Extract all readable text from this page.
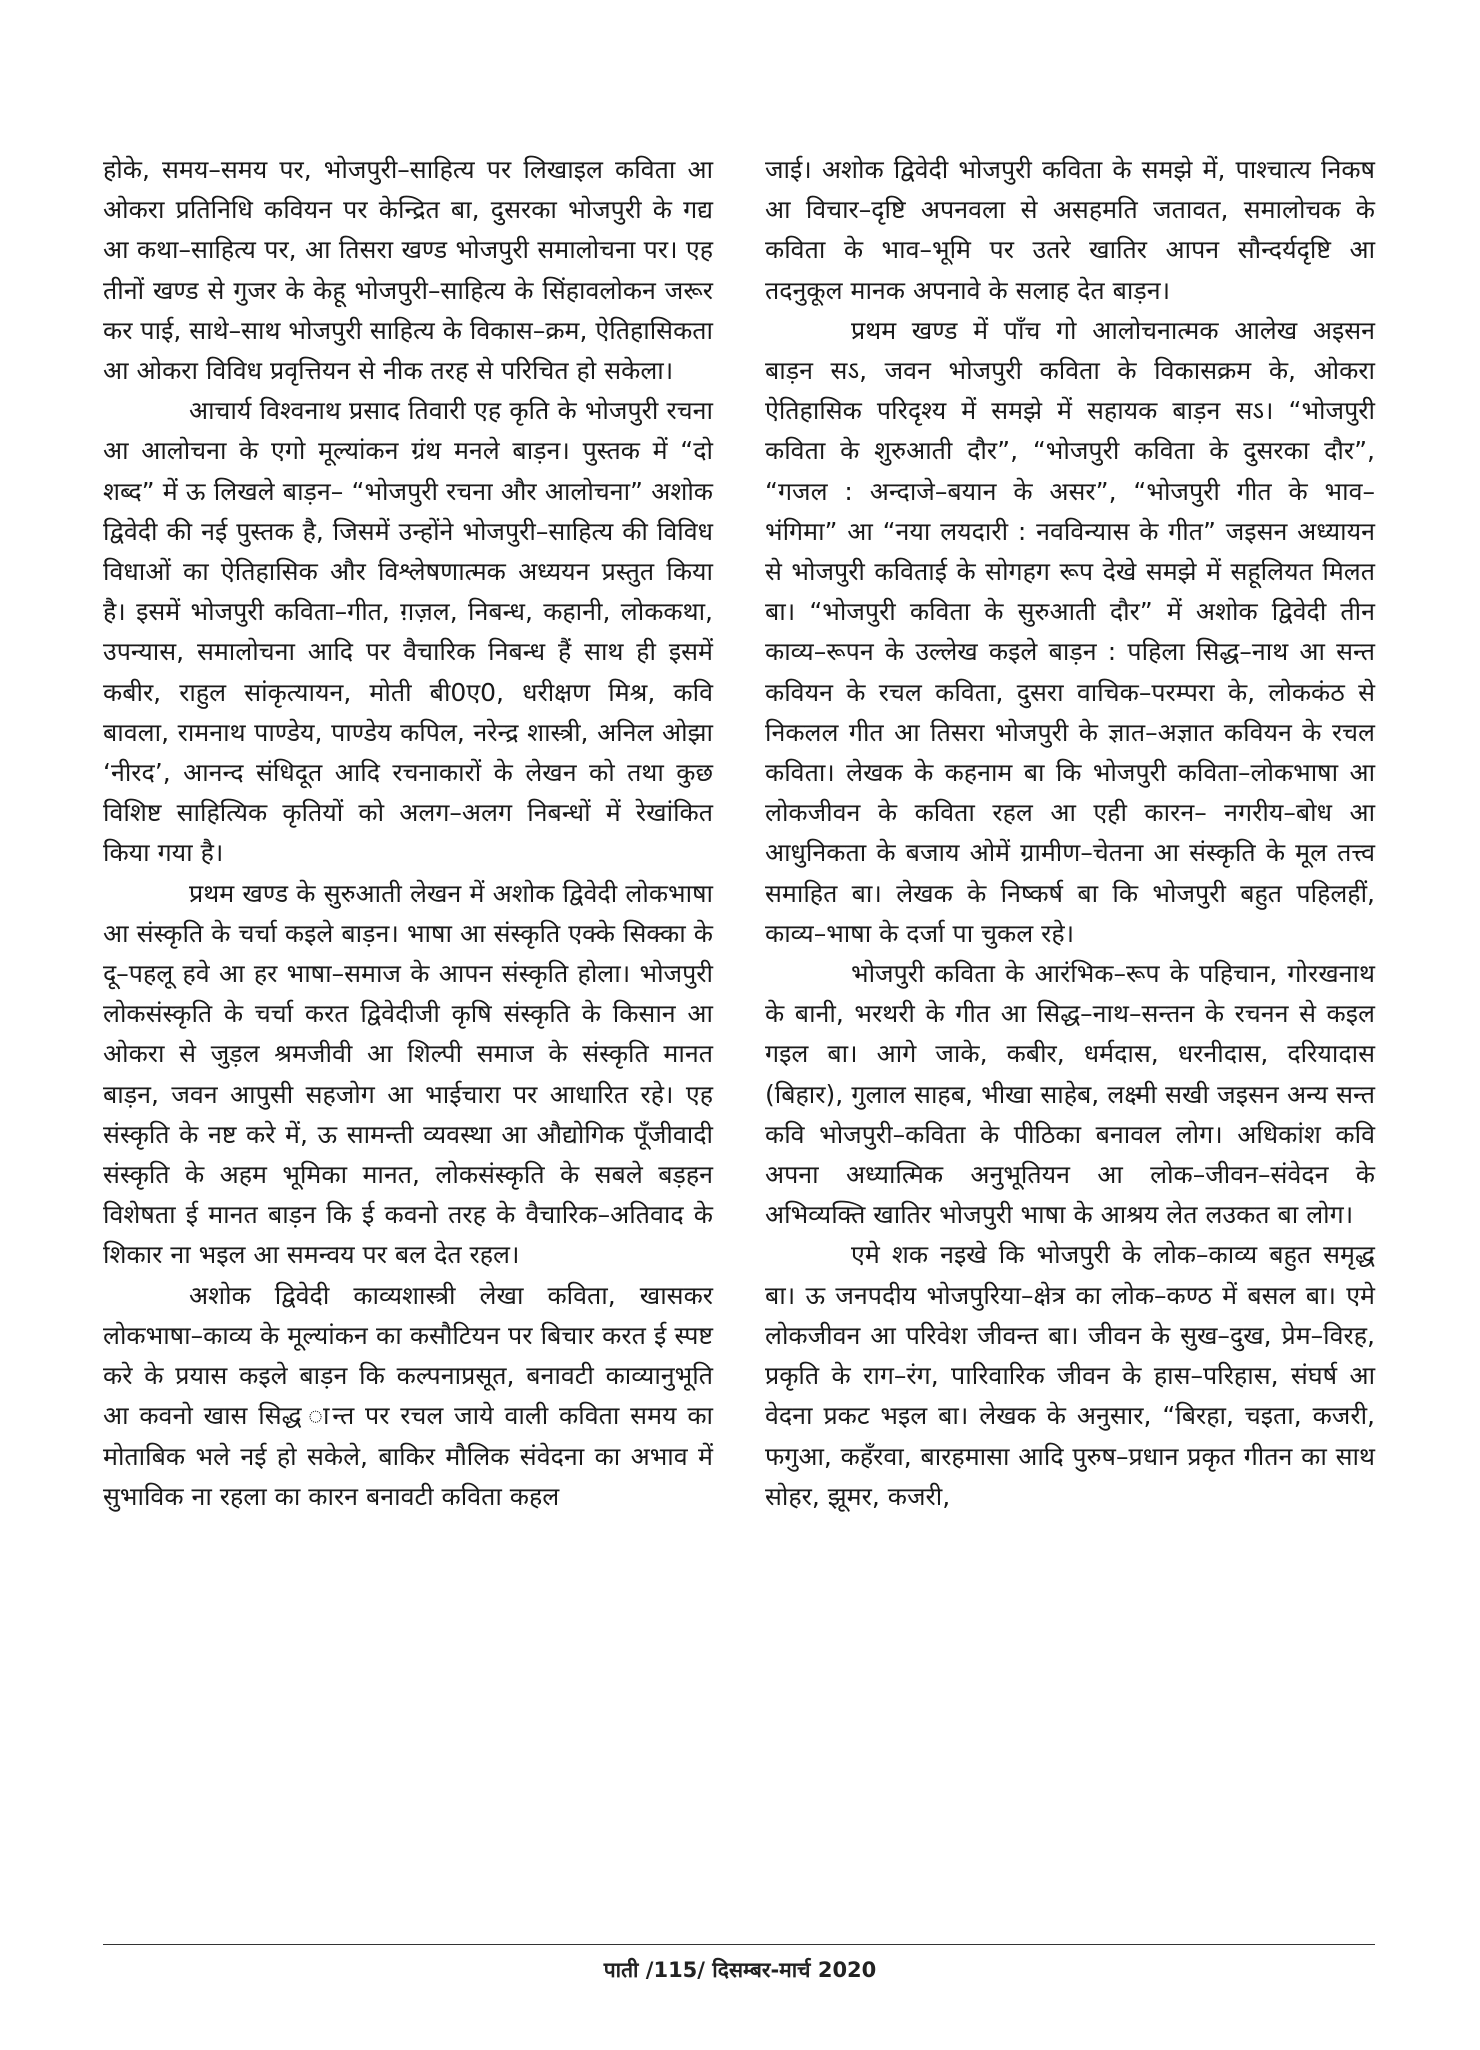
होके, समय–समय पर, भोजपुरी–साहित्य पर लिखाइल कविता आ ओकरा प्रतिनिधि कवियन पर केन्द्रित बा, दुसरका भोजपुरी के गद्य आ कथा–साहित्य पर, आ तिसरा खण्ड भोजपुरी समालोचना पर। एह तीनों खण्ड से गुजर के केहू भोजपुरी–साहित्य के सिंहावलोकन जरूर कर पाई, साथे–साथ भोजपुरी साहित्य के विकास–क्रम, ऐतिहासिकता आ ओकरा विविध प्रवृत्तियन से नीक तरह से परिचित हो सकेला।

आचार्य विश्वनाथ प्रसाद तिवारी एह कृति के भोजपुरी रचना आ आलोचना के एगो मूल्यांकन ग्रंथ मनले बाड़न। पुस्तक में “दो शब्द” में ऊ लिखले बाड़न– “भोजपुरी रचना और आलोचना” अशोक द्विवेदी की नई पुस्तक है, जिसमें उन्होंने भोजपुरी–साहित्य की विविध विधाओं का ऐतिहासिक और विश्लेषणात्मक अध्ययन प्रस्तुत किया है। इसमें भोजपुरी कविता–गीत, ग़ज़ल, निबन्ध, कहानी, लोककथा, उपन्यास, समालोचना आदि पर वैचारिक निबन्ध हैं साथ ही इसमें कबीर, राहुल सांकृत्यायन, मोती बी0ए0, धरीक्षण मिश्र, कवि बावला, रामनाथ पाण्डेय, पाण्डेय कपिल, नरेन्द्र शास्त्री, अनिल ओझा ‘नीरद’, आनन्द संधिदूत आदि रचनाकारों के लेखन को तथा कुछ विशिष्ट साहित्यिक कृतियों को अलग–अलग निबन्धों में रेखांकित किया गया है।

प्रथम खण्ड के सुरुआती लेखन में अशोक द्विवेदी लोकभाषा आ संस्कृति के चर्चा कइले बाड़न। भाषा आ संस्कृति एक्के सिक्का के दू–पहलू हवे आ हर भाषा–समाज के आपन संस्कृति होला। भोजपुरी लोकसंस्कृति के चर्चा करत द्विवेदीजी कृषि संस्कृति के किसान आ ओकरा से जुड़ल श्रमजीवी आ शिल्पी समाज के संस्कृति मानत बाड़न, जवन आपुसी सहजोग आ भाईचारा पर आधारित रहे। एह संस्कृति के नष्ट करे में, ऊ सामन्ती व्यवस्था आ औद्योगिक पूँजीवादी संस्कृति के अहम भूमिका मानत, लोकसंस्कृति के सबले बड़हन विशेषता ई मानत बाड़न कि ई कवनो तरह के वैचारिक–अतिवाद के शिकार ना भइल आ समन्वय पर बल देत रहल।

अशोक द्विवेदी काव्यशास्त्री लेखा कविता, खासकर लोकभाषा–काव्य के मूल्यांकन का कसौटियन पर बिचार करत ई स्पष्ट करे के प्रयास कइले बाड़न कि कल्पनाप्रसूत, बनावटी काव्यानुभूति आ कवनो खास सिद्ध ान्त पर रचल जाये वाली कविता समय का मोताबिक भले नई हो सकेले, बाकिर मौलिक संवेदना का अभाव में सुभाविक ना रहला का कारन बनावटी कविता कहल

जाई। अशोक द्विवेदी भोजपुरी कविता के समझे में, पाश्चात्य निकष आ विचार–दृष्टि अपनवला से असहमति जतावत, समालोचक के कविता के भाव–भूमि पर उतरे खातिर आपन सौन्दर्यदृष्टि आ तदनुकूल मानक अपनावे के सलाह देत बाड़न।

प्रथम खण्ड में पाँच गो आलोचनात्मक आलेख अइसन बाड़न सऽ, जवन भोजपुरी कविता के विकासक्रम के, ओकरा ऐतिहासिक परिदृश्य में समझे में सहायक बाड़न सऽ। “भोजपुरी कविता के शुरुआती दौर”, “भोजपुरी कविता के दुसरका दौर”, “गजल : अन्दाजे–बयान के असर”, “भोजपुरी गीत के भाव–भंगिमा” आ “नया लयदारी : नवविन्यास के गीत” जइसन अध्यायन से भोजपुरी कविताई के सोगहग रूप देखे समझे में सहूलियत मिलत बा। “भोजपुरी कविता के सुरुआती दौर” में अशोक द्विवेदी तीन काव्य–रूपन के उल्लेख कइले बाड़न : पहिला सिद्ध–नाथ आ सन्त कवियन के रचल कविता, दुसरा वाचिक–परम्परा के, लोककंठ से निकलल गीत आ तिसरा भोजपुरी के ज्ञात–अज्ञात कवियन के रचल कविता। लेखक के कहनाम बा कि भोजपुरी कविता–लोकभाषा आ लोकजीवन के कविता रहल आ एही कारन– नगरीय–बोध आ आधुनिकता के बजाय ओमें ग्रामीण–चेतना आ संस्कृति के मूल तत्त्व समाहित बा। लेखक के निष्कर्ष बा कि भोजपुरी बहुत पहिलहीं, काव्य–भाषा के दर्जा पा चुकल रहे।

भोजपुरी कविता के आरंभिक–रूप के पहिचान, गोरखनाथ के बानी, भरथरी के गीत आ सिद्ध–नाथ–सन्तन के रचनन से कइल गइल बा। आगे जाके, कबीर, धर्मदास, धरनीदास, दरियादास (बिहार), गुलाल साहब, भीखा साहेब, लक्ष्मी सखी जइसन अन्य सन्त कवि भोजपुरी–कविता के पीठिका बनावल लोग। अधिकांश कवि अपना अध्यात्मिक अनुभूतियन आ लोक–जीवन–संवेदन के अभिव्यक्ति खातिर भोजपुरी भाषा के आश्रय लेत लउकत बा लोग।

एमे शक नइखे कि भोजपुरी के लोक–काव्य बहुत समृद्ध बा। ऊ जनपदीय भोजपुरिया–क्षेत्र का लोक–कण्ठ में बसल बा। एमे लोकजीवन आ परिवेश जीवन्त बा। जीवन के सुख–दुख, प्रेम–विरह, प्रकृति के राग–रंग, पारिवारिक जीवन के हास–परिहास, संघर्ष आ वेदना प्रकट भइल बा। लेखक के अनुसार, “बिरहा, चइता, कजरी, फगुआ, कहँरवा, बारहमासा आदि पुरुष–प्रधान प्रकृत गीतन का साथ सोहर, झूमर, कजरी,

पाती /115/ दिसम्बर-मार्च 2020
